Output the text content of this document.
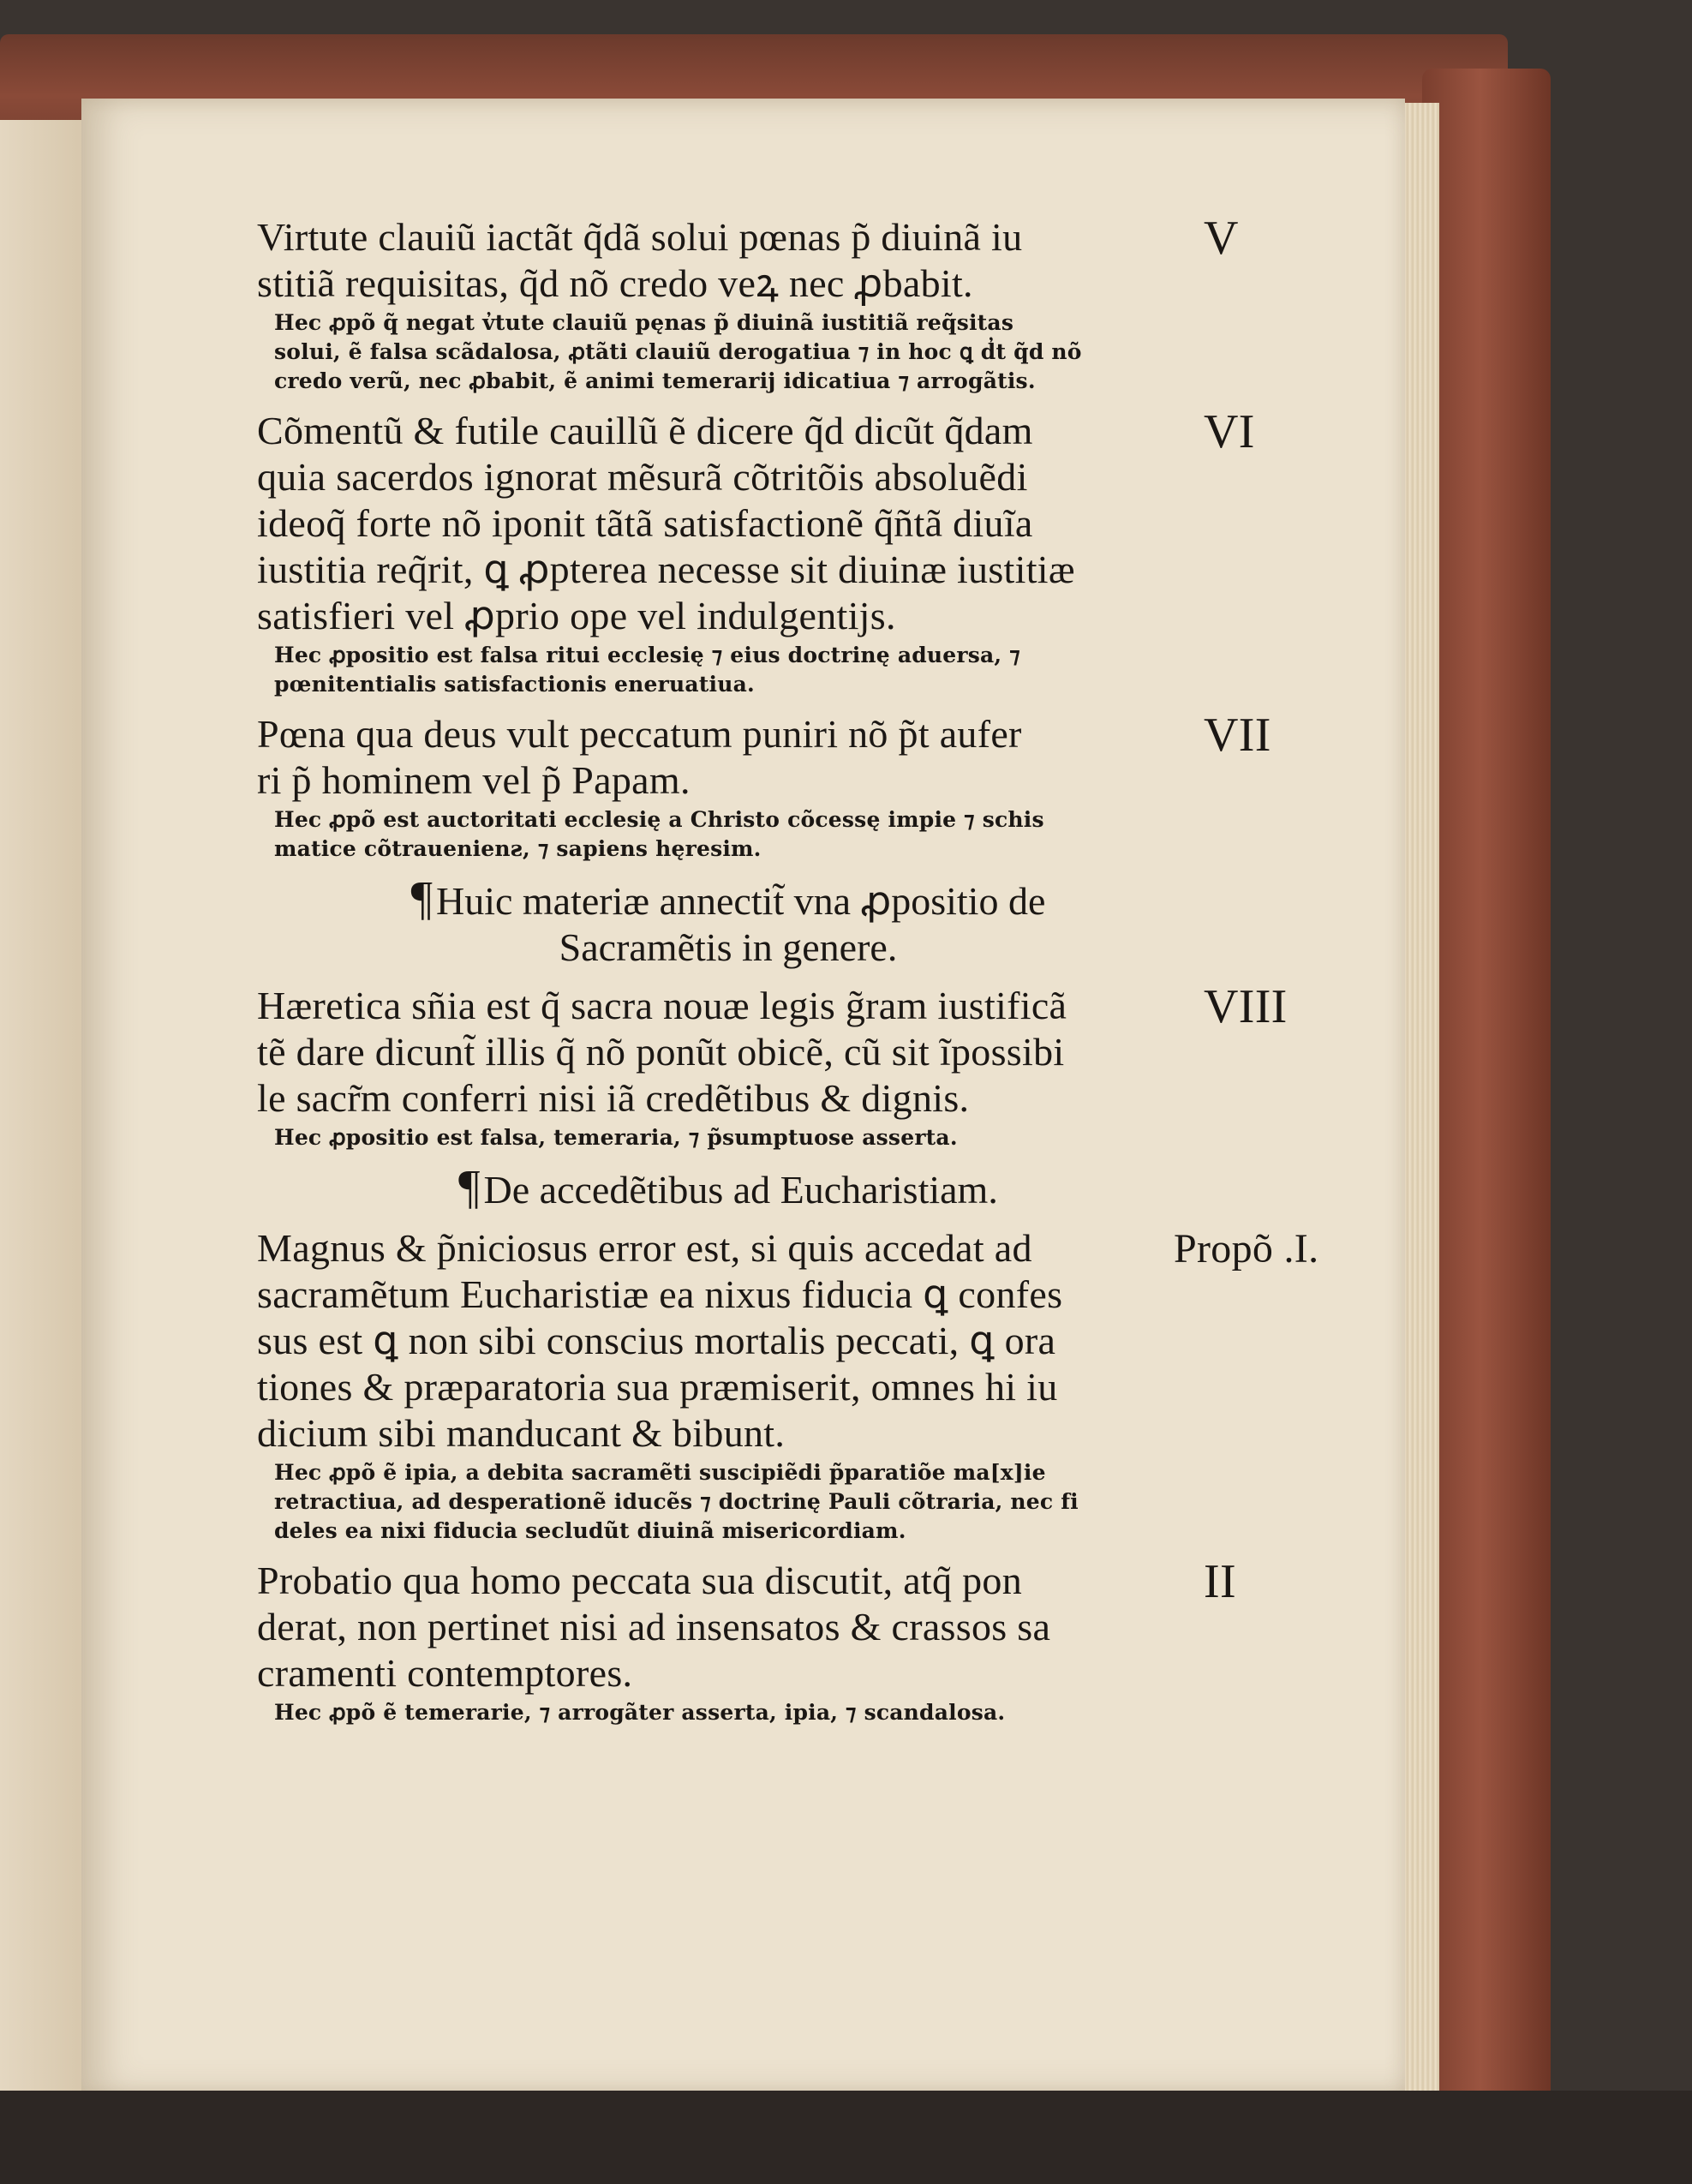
V
Virtute clauiũ iactãt q̃dã solui pœnas p̃ diuinã iu
stitiã requisitas, q̃d nõ credo veꝝ nec ꝓbabit.
Hec ꝓpõ q̃ negat v̓tute clauiũ pęnas p̃ diuinã iustitiã req̃sitas
solui, ẽ falsa scãdalosa, ꝓtãti clauiũ derogatiua ⁊ in hoc ꝗ d̓t q̃d nõ
credo verũ, nec ꝓbabit, ẽ animi temerarij idicatiua ⁊ arrogãtis.
VI
Cõmentũ & futile cauillũ ẽ dicere q̃d dicũt q̃dam
quia sacerdos ignorat mẽsurã cõtritõis absoluẽdi
ideoq̃ forte nõ iponit tãtã satisfactionẽ q̃ñtã diuĩa
iustitia req̃rit, ꝗ ꝓpterea necesse sit diuinæ iustitiæ
satisfieri vel ꝓprio ope vel indulgentijs.
Hec ꝓpositio est falsa ritui ecclesię ⁊ eius doctrinę aduersa, ⁊
pœnitentialis satisfactionis eneruatiua.
VII
Pœna qua deus vult peccatum puniri nõ p̃t aufer
ri p̃ hominem vel p̃ Papam.
Hec ꝓpõ est auctoritati ecclesię a Christo cõcessę impie ⁊ schis
matice cõtrauenienƨ, ⁊ sapiens hęresim.
¶Huic materiæ annectit̃ vna ꝓpositio de
Sacramẽtis in genere.
VIII
Hæretica sñia est q̃ sacra nouæ legis g̃ram iustificã
tẽ dare dicunt̃ illis q̃ nõ ponũt obicẽ, cũ sit ĩpossibi
le sacr̃m conferri nisi iã credẽtibus & dignis.
Hec ꝓpositio est falsa, temeraria, ⁊ p̃sumptuose asserta.
¶De accedẽtibus ad Eucharistiam.
Propõ .I.
Magnus & p̃niciosus error est, si quis accedat ad
sacramẽtum Eucharistiæ ea nixus fiducia ꝗ confes
sus est ꝗ non sibi conscius mortalis peccati, ꝗ ora
tiones & præparatoria sua præmiserit, omnes hi iu
dicium sibi manducant & bibunt.
Hec ꝓpõ ẽ ipia, a debita sacramẽti suscipiẽdi p̃paratiõe ma[x]ie
retractiua, ad desperationẽ iducẽs ⁊ doctrinę Pauli cõtraria, nec fi
deles ea nixi fiducia secludũt diuinã misericordiam.
II
Probatio qua homo peccata sua discutit, atq̃ pon
derat, non pertinet nisi ad insensatos & crassos sa
cramenti contemptores.
Hec ꝓpõ ẽ temerarie, ⁊ arrogãter asserta, ipia, ⁊ scandalosa.
